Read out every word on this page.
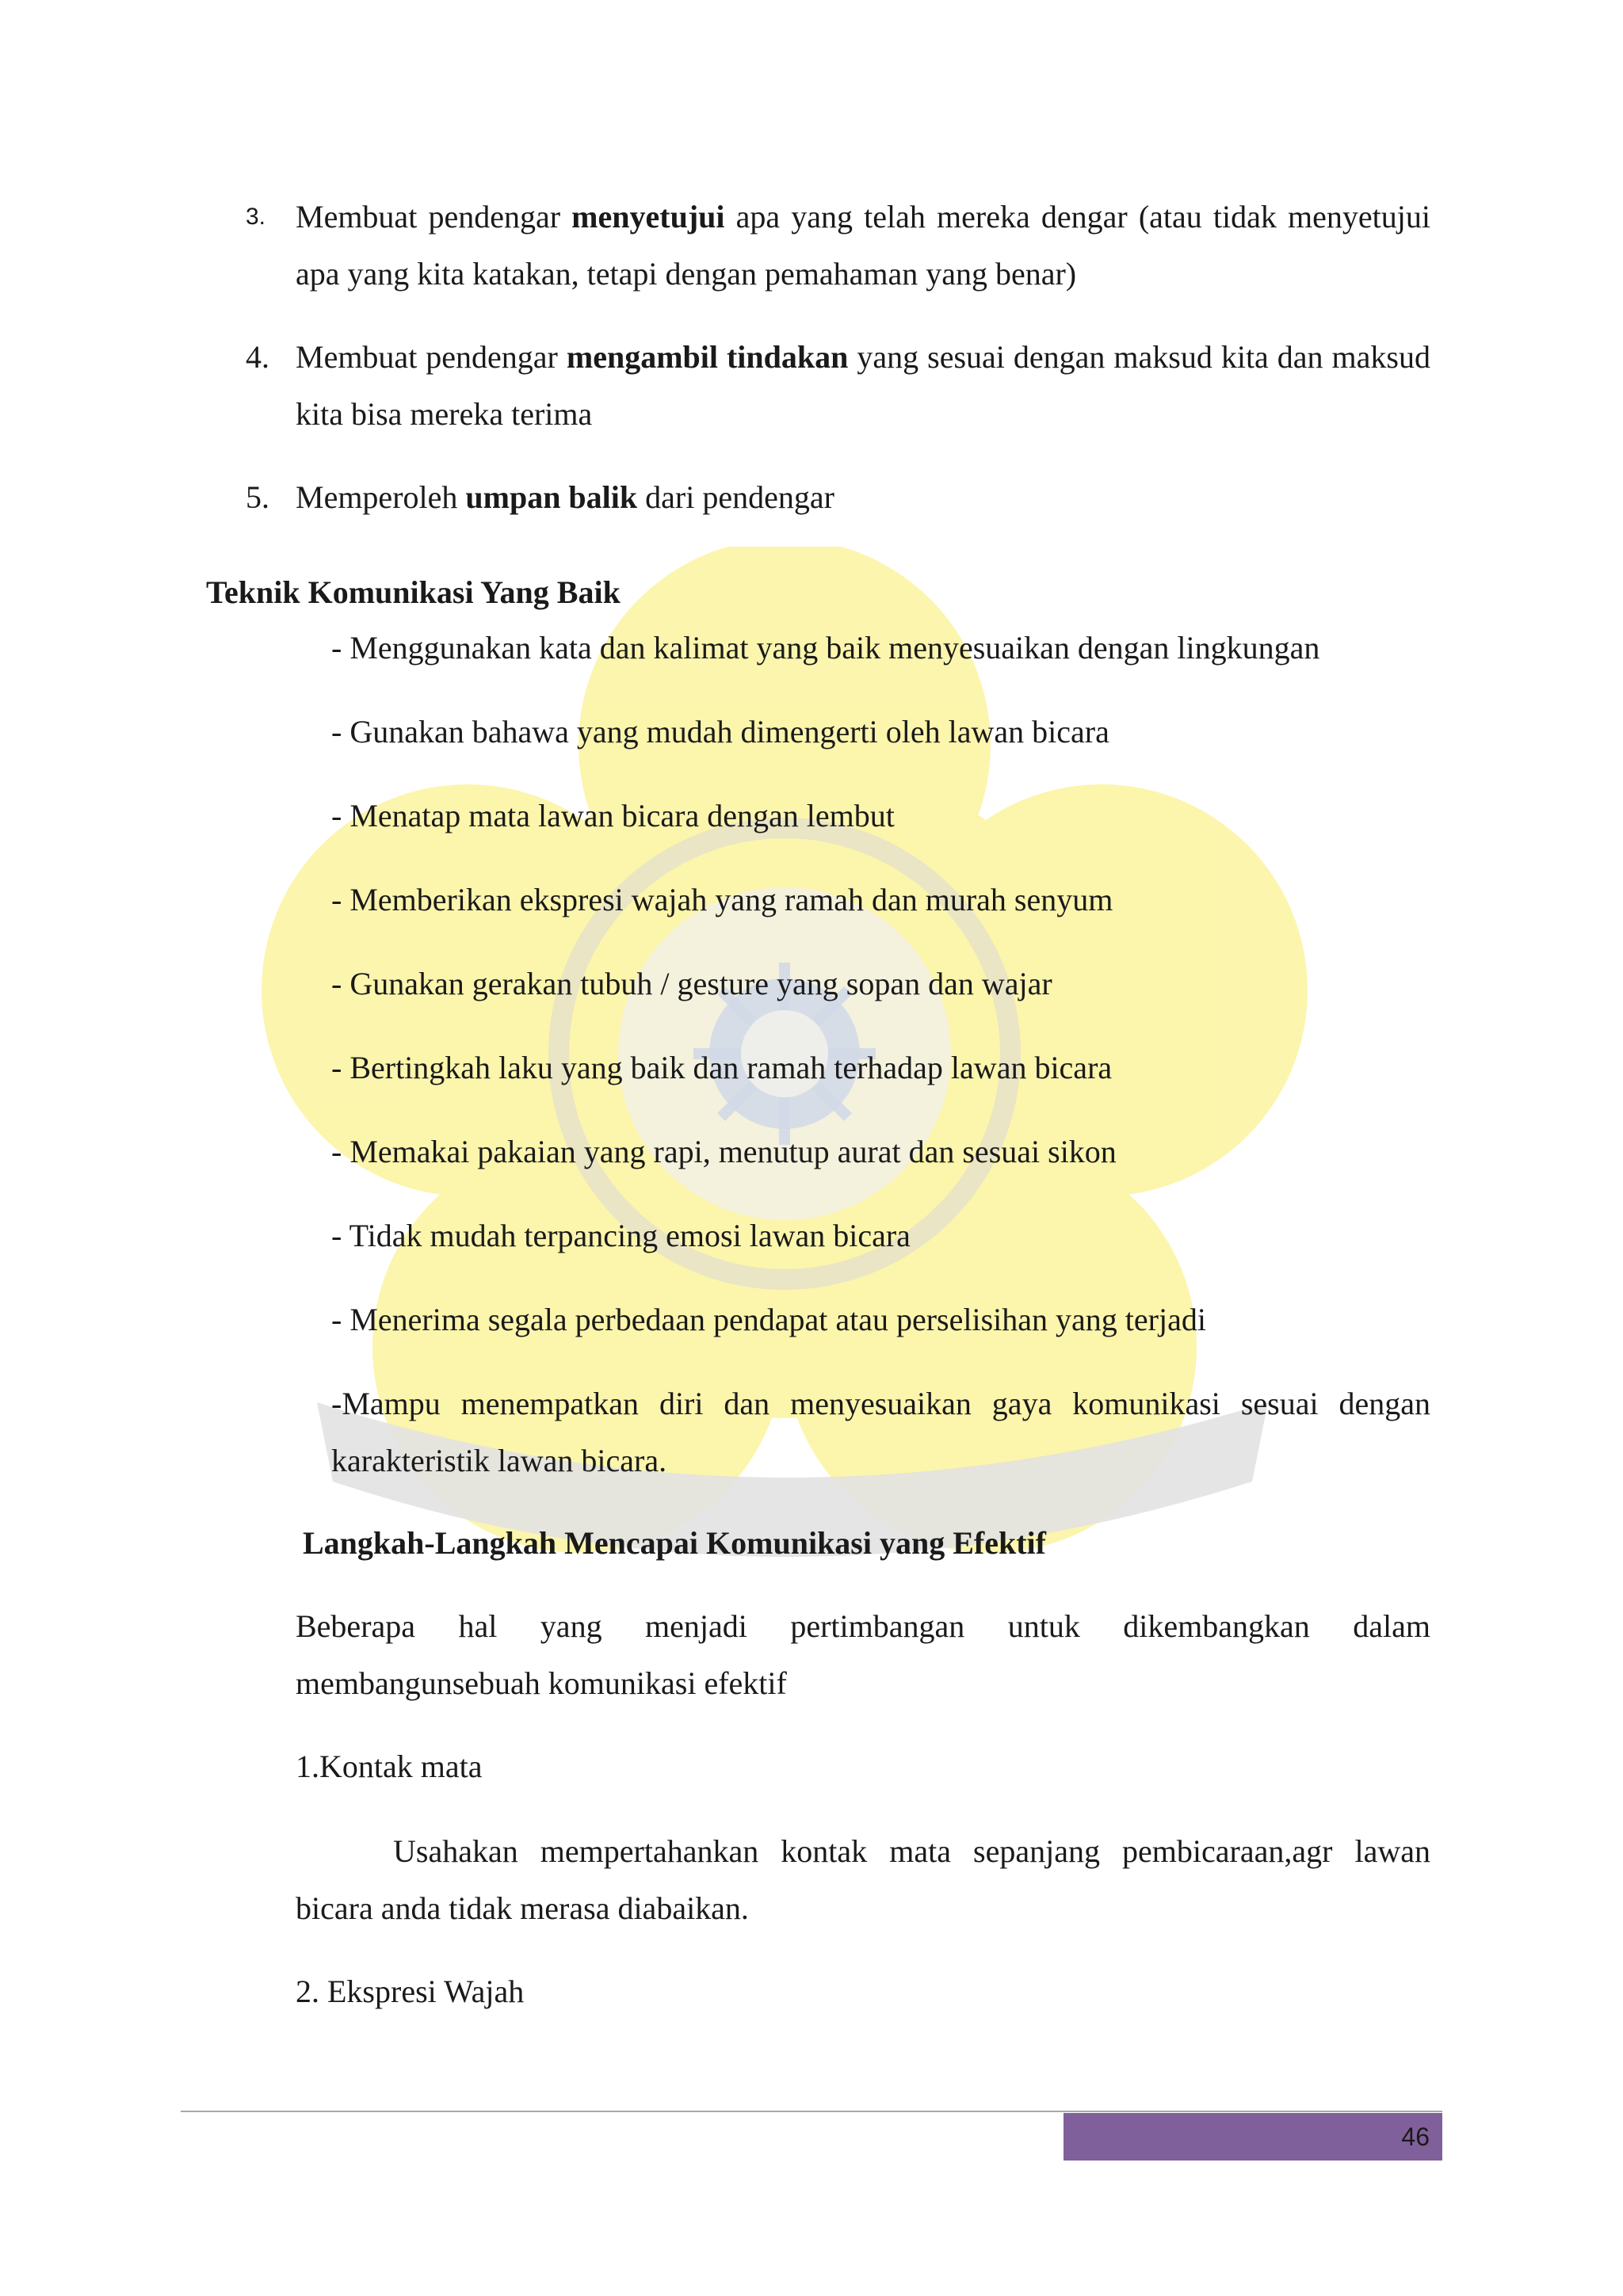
3. Membuat pendengar menyetujui apa yang telah mereka dengar (atau tidak menyetujui apa yang kita katakan, tetapi dengan pemahaman yang benar)
4. Membuat pendengar mengambil tindakan yang sesuai dengan maksud kita dan maksud kita bisa mereka terima
5. Memperoleh umpan balik dari pendengar
Teknik Komunikasi Yang Baik
- Menggunakan kata dan kalimat yang baik menyesuaikan dengan lingkungan
- Gunakan bahawa yang mudah dimengerti oleh lawan bicara
- Menatap mata lawan bicara dengan lembut
- Memberikan ekspresi wajah yang ramah dan murah senyum
- Gunakan gerakan tubuh / gesture yang sopan dan wajar
- Bertingkah laku yang baik dan ramah terhadap lawan bicara
- Memakai pakaian yang rapi, menutup aurat dan sesuai sikon
- Tidak mudah terpancing emosi lawan bicara
- Menerima segala perbedaan pendapat atau perselisihan yang terjadi
-Mampu menempatkan diri dan menyesuaikan gaya komunikasi sesuai dengan karakteristik lawan bicara.
Langkah-Langkah Mencapai Komunikasi yang Efektif
Beberapa hal yang menjadi pertimbangan untuk dikembangkan dalam
membangunsebuah komunikasi efektif
1.Kontak mata
Usahakan mempertahankan kontak mata sepanjang pembicaraan,agr lawan
bicara anda tidak merasa diabaikan.
2. Ekspresi Wajah
46
